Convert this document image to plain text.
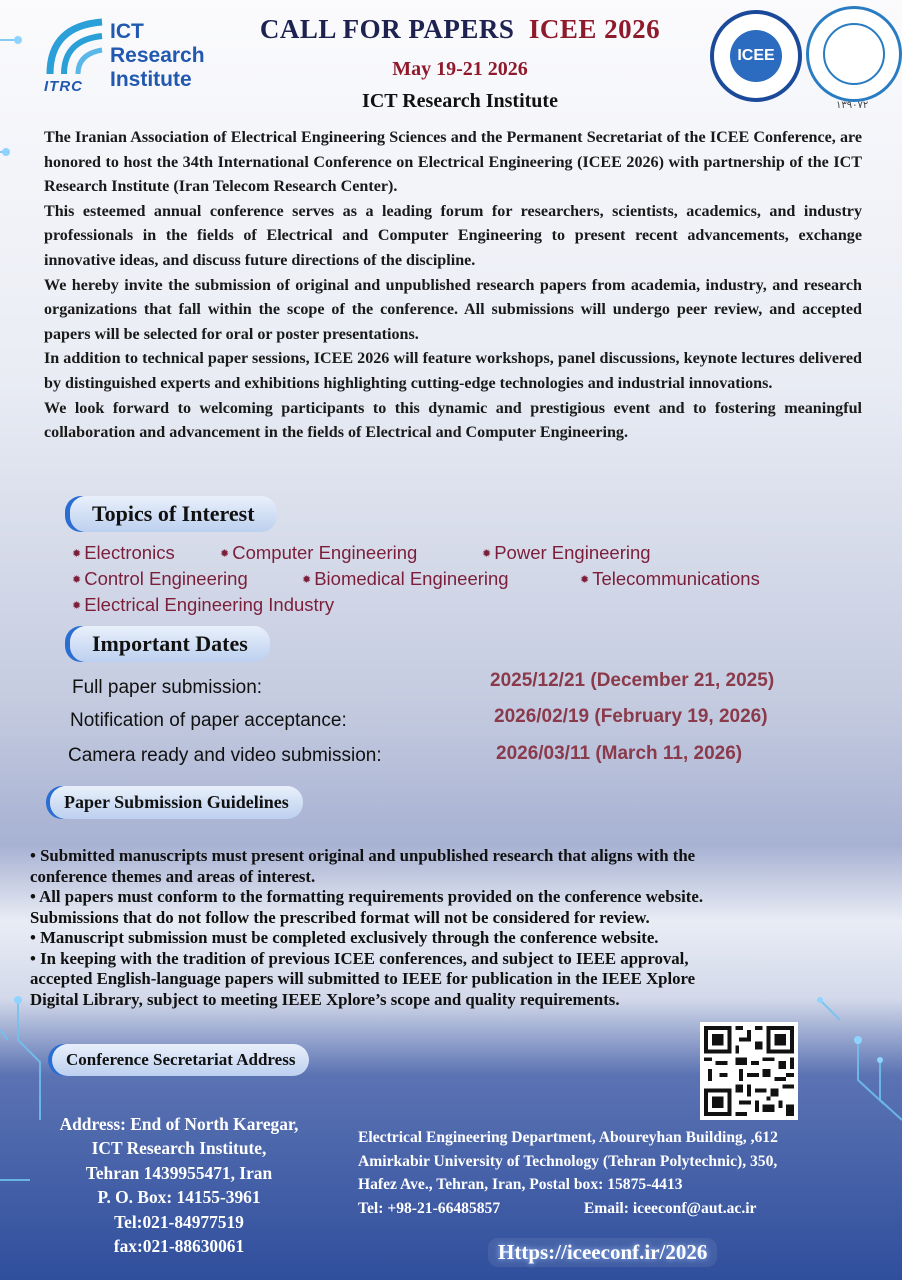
ICT
Research
Institute
ITRC
CALL FOR PAPERS ICEE 2026
May 19-21 2026
ICT Research Institute
ICEE
۱۳۹۰۷۲

The Iranian Association of Electrical Engineering Sciences and the Permanent Secretariat of the ICEE Conference, are honored to host the 34th International Conference on Electrical Engineering (ICEE 2026) with partnership of the ICT Research Institute (Iran Telecom Research Center).

This esteemed annual conference serves as a leading forum for researchers, scientists, academics, and industry professionals in the fields of Electrical and Computer Engineering to present recent advancements, exchange innovative ideas, and discuss future directions of the discipline.

We hereby invite the submission of original and unpublished research papers from academia, industry, and research organizations that fall within the scope of the conference. All submissions will undergo peer review, and accepted papers will be selected for oral or poster presentations.

In addition to technical paper sessions, ICEE 2026 will feature workshops, panel discussions, keynote lectures delivered by distinguished experts and exhibitions highlighting cutting-edge technologies and industrial innovations.

We look forward to welcoming participants to this dynamic and prestigious event and to fostering meaningful collaboration and advancement in the fields of Electrical and Computer Engineering.

Topics of Interest
✹ Electronics	✹ Computer Engineering	✹ Power Engineering
✹ Control Engineering	✹ Biomedical Engineering	✹ Telecommunications
✹ Electrical Engineering Industry
Important Dates
Full paper submission:	2025/12/21 (December 21, 2025)
Notification of paper acceptance:	2026/02/19 (February 19, 2026)
Camera ready and video submission:	2026/03/11 (March 11, 2026)
Paper Submission Guidelines
• Submitted manuscripts must present original and unpublished research that aligns with the
conference themes and areas of interest.
• All papers must conform to the formatting requirements provided on the conference website.
Submissions that do not follow the prescribed format will not be considered for review.
• Manuscript submission must be completed exclusively through the conference website.
• In keeping with the tradition of previous ICEE conferences, and subject to IEEE approval,
accepted English-language papers will submitted to IEEE for publication in the IEEE Xplore
Digital Library, subject to meeting IEEE Xplore’s scope and quality requirements.
Conference Secretariat Address
Address: End of North Karegar,
ICT Research Institute,
Tehran 1439955471, Iran
P. O. Box: 14155-3961
Tel:021-84977519
fax:021-88630061
Electrical Engineering Department, Aboureyhan Building, ,612
Amirkabir University of Technology (Tehran Polytechnic), 350,
Hafez Ave., Tehran, Iran, Postal box: 15875-4413
Tel: +98-21-66485857	Email: iceeconf@aut.ac.ir
Https://iceeconf.ir/2026
